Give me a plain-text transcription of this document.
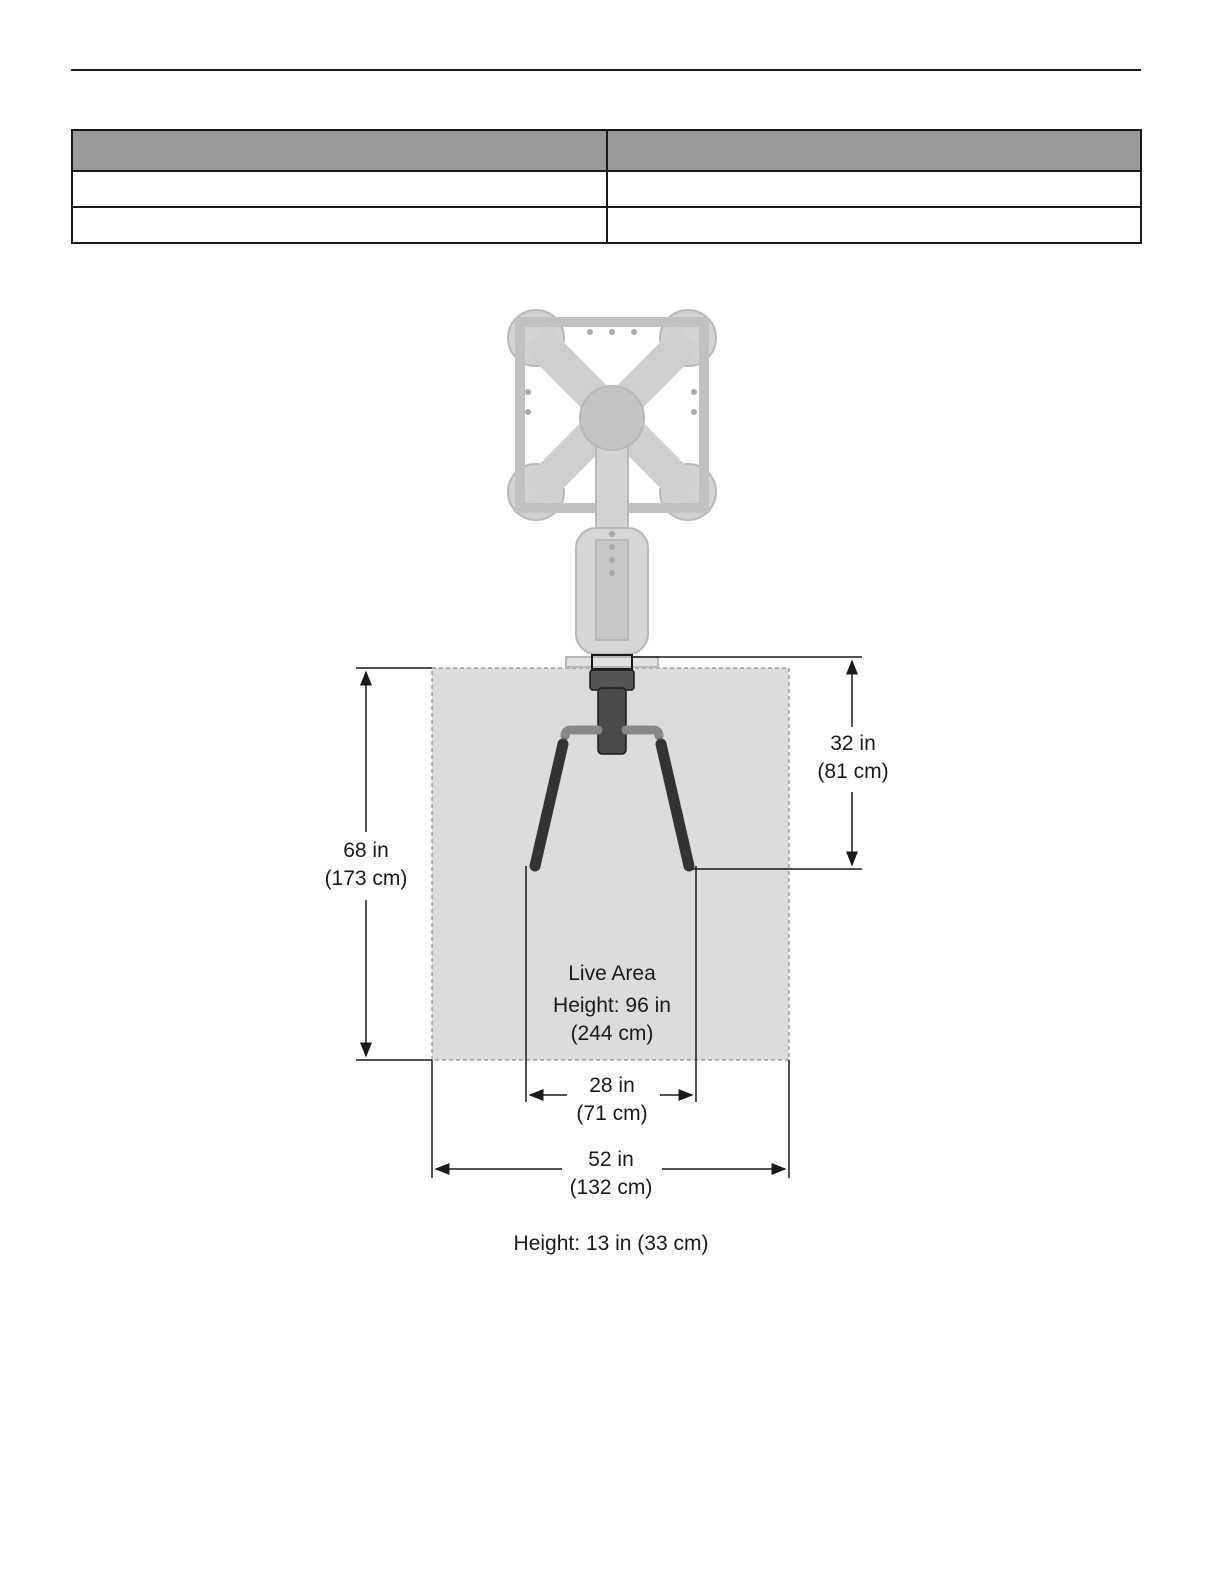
68 in
(173 cm)
32 in
(81 cm)
Live Area
Height: 96 in
(244 cm)
28 in
(71 cm)
52 in
(132 cm)
Height: 13 in (33 cm)
